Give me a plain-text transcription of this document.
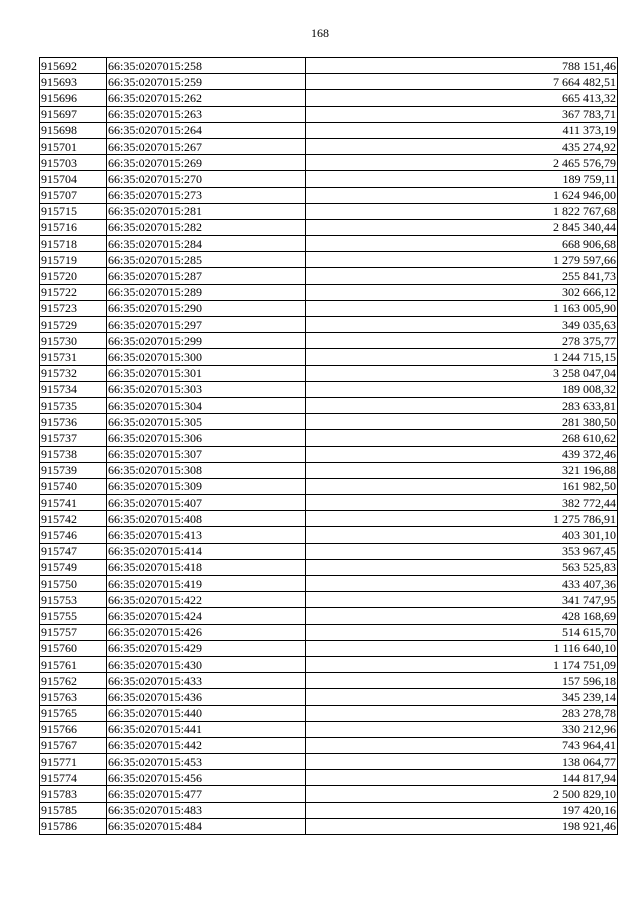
168
915692	66:35:0207015:258	788 151,46
915693	66:35:0207015:259	7 664 482,51
915696	66:35:0207015:262	665 413,32
915697	66:35:0207015:263	367 783,71
915698	66:35:0207015:264	411 373,19
915701	66:35:0207015:267	435 274,92
915703	66:35:0207015:269	2 465 576,79
915704	66:35:0207015:270	189 759,11
915707	66:35:0207015:273	1 624 946,00
915715	66:35:0207015:281	1 822 767,68
915716	66:35:0207015:282	2 845 340,44
915718	66:35:0207015:284	668 906,68
915719	66:35:0207015:285	1 279 597,66
915720	66:35:0207015:287	255 841,73
915722	66:35:0207015:289	302 666,12
915723	66:35:0207015:290	1 163 005,90
915729	66:35:0207015:297	349 035,63
915730	66:35:0207015:299	278 375,77
915731	66:35:0207015:300	1 244 715,15
915732	66:35:0207015:301	3 258 047,04
915734	66:35:0207015:303	189 008,32
915735	66:35:0207015:304	283 633,81
915736	66:35:0207015:305	281 380,50
915737	66:35:0207015:306	268 610,62
915738	66:35:0207015:307	439 372,46
915739	66:35:0207015:308	321 196,88
915740	66:35:0207015:309	161 982,50
915741	66:35:0207015:407	382 772,44
915742	66:35:0207015:408	1 275 786,91
915746	66:35:0207015:413	403 301,10
915747	66:35:0207015:414	353 967,45
915749	66:35:0207015:418	563 525,83
915750	66:35:0207015:419	433 407,36
915753	66:35:0207015:422	341 747,95
915755	66:35:0207015:424	428 168,69
915757	66:35:0207015:426	514 615,70
915760	66:35:0207015:429	1 116 640,10
915761	66:35:0207015:430	1 174 751,09
915762	66:35:0207015:433	157 596,18
915763	66:35:0207015:436	345 239,14
915765	66:35:0207015:440	283 278,78
915766	66:35:0207015:441	330 212,96
915767	66:35:0207015:442	743 964,41
915771	66:35:0207015:453	138 064,77
915774	66:35:0207015:456	144 817,94
915783	66:35:0207015:477	2 500 829,10
915785	66:35:0207015:483	197 420,16
915786	66:35:0207015:484	198 921,46
